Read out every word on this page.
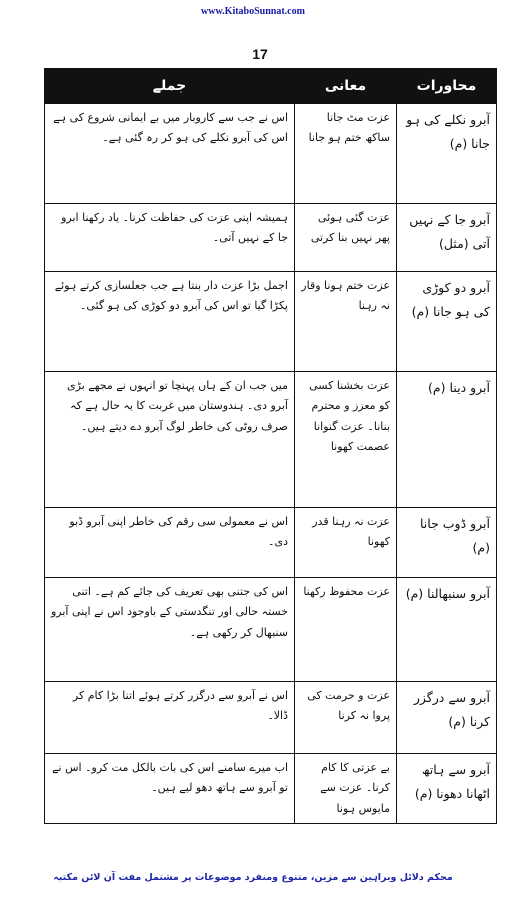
www.KitaboSunnat.com
17
محاورات	معانی	جملے
آبرو نکلے کی ہو جانا (م)	عزت مٹ جانا ساکھ ختم ہو جانا	اس نے جب سے کاروبار میں بے ایمانی شروع کی ہے اس کی آبرو نکلے کی ہو کر رہ گئی ہے۔
آبرو جا کے نہیں آتی (مثل)	عزت گئی ہوئی پھر نہیں بنا کرتی	ہمیشہ اپنی عزت کی حفاظت کرنا۔ یاد رکھنا ابرو جا کے نہیں آتی۔
آبرو دو کوڑی کی ہو جانا (م)	عزت ختم ہونا وقار نہ رہنا	اجمل بڑا عزت دار بنتا ہے جب جعلسازی کرتے ہوئے پکڑا گیا تو اس کی آبرو دو کوڑی کی ہو گئی۔
آبرو دینا (م)	عزت بخشنا کسی کو معزز و محترم بنانا۔ عزت گنوانا عصمت کھونا	میں جب ان کے ہاں پہنچا تو انہوں نے مجھے بڑی آبرو دی۔ ہندوستان میں غربت کا یہ حال ہے کہ صرف روٹی کی خاطر لوگ آبرو دے دیتے ہیں۔
آبرو ڈوب جانا (م)	عزت نہ رہنا قدر کھونا	اس نے معمولی سی رقم کی خاطر اپنی آبرو ڈبو دی۔
آبرو سنبھالنا (م)	عزت محفوظ رکھنا	اس کی جتنی بھی تعریف کی جائے کم ہے۔ اتنی خستہ حالی اور تنگدستی کے باوجود اس نے اپنی آبرو سنبھال کر رکھی ہے۔
آبرو سے درگزر کرنا (م)	عزت و حرمت کی پروا نہ کرنا	اس نے آبرو سے درگزر کرتے ہوئے اتنا بڑا کام کر ڈالا۔
آبرو سے ہاتھ اٹھانا دھونا (م)	بے عزتی کا کام کرنا۔ عزت سے مایوس ہونا	اب میرے سامنے اس کی بات بالکل مت کرو۔ اس نے تو آبرو سے ہاتھ دھو لیے ہیں۔
محکم دلائل وبراہین سے مزین، متنوع ومنفرد موضوعات پر مشتمل مفت آن لائن مکتبہ
